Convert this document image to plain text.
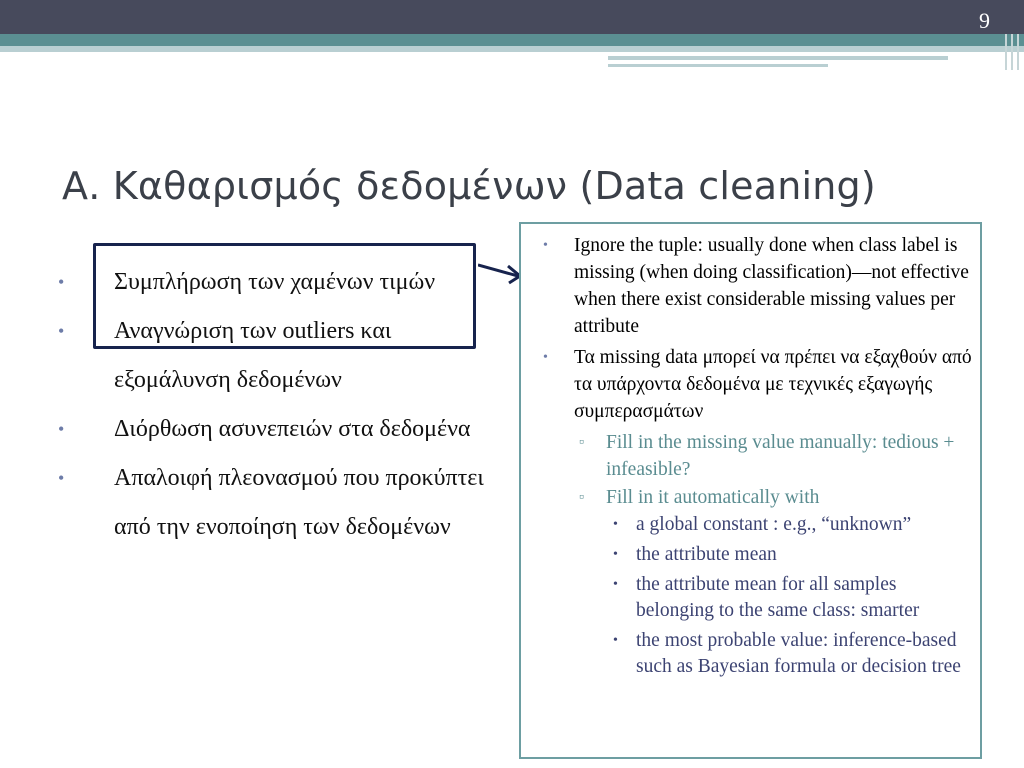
9
Α. Καθαρισμός δεδομένων (Data cleaning)
• Συμπλήρωση των χαμένων τιμών
• Αναγνώριση των outliers και εξομάλυνση δεδομένων
• Διόρθωση ασυνεπειών στα δεδομένα
• Απαλοιφή πλεονασμού που προκύπτει από την ενοποίηση των δεδομένων
• Ignore the tuple: usually done when class label is missing (when doing classification)—not effective when there exist considerable missing values per attribute
• Τα missing data μπορεί να πρέπει να εξαχθούν από τα υπάρχοντα δεδομένα με τεχνικές εξαγωγής συμπερασμάτων
▫ Fill in the missing value manually: tedious + infeasible?
▫ Fill in it automatically with
• a global constant : e.g., “unknown”
• the attribute mean
• the attribute mean for all samples belonging to the same class: smarter
• the most probable value: inference-based such as Bayesian formula or decision tree
